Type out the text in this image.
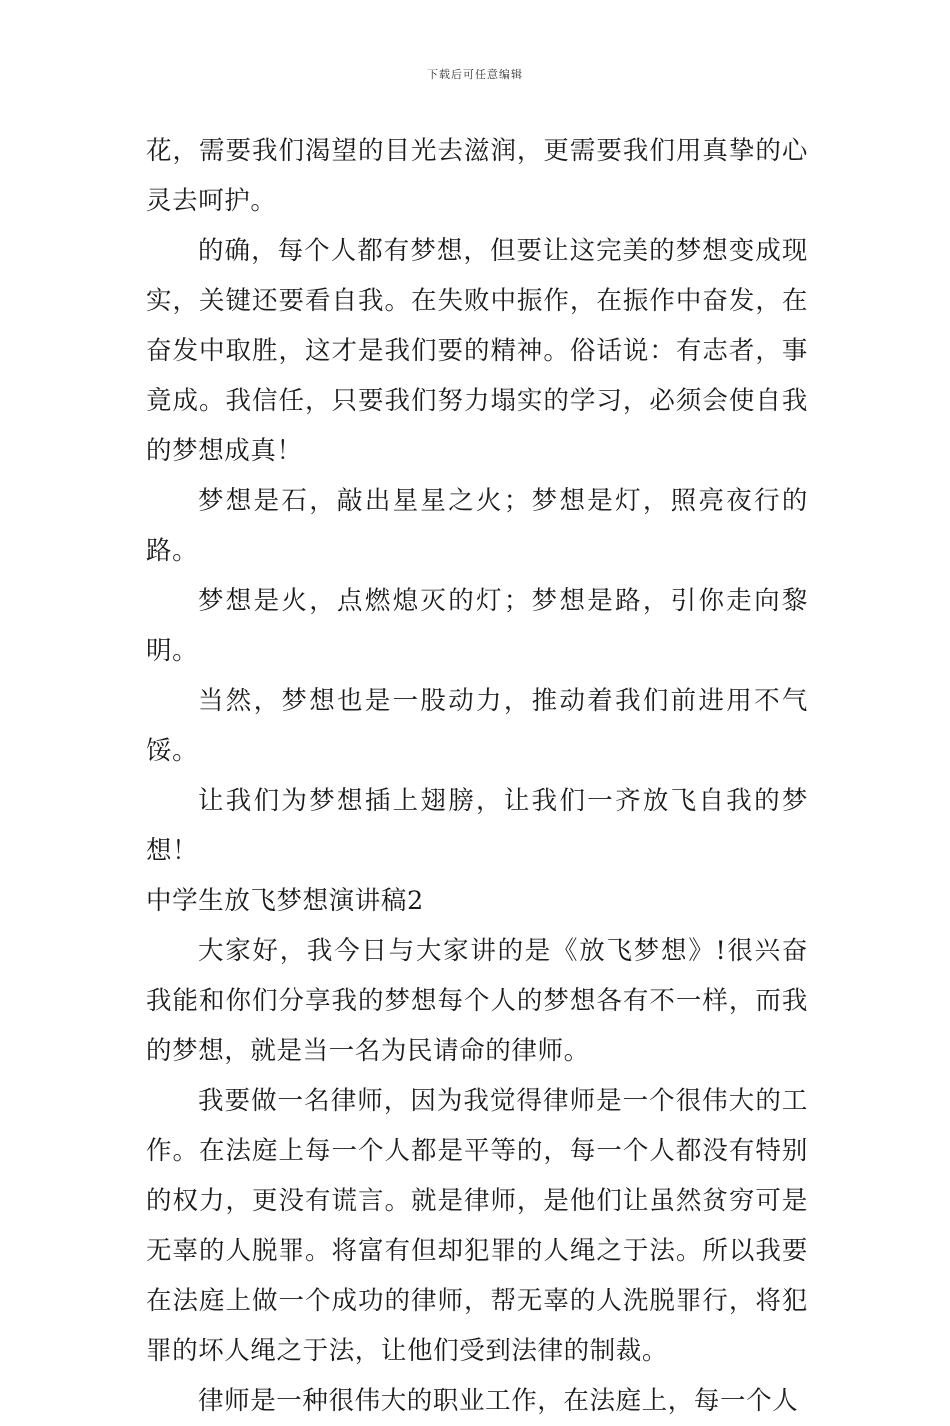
下载后可任意编辑

花，需要我们渴望的目光去滋润，更需要我们用真挚的心灵去呵护。

的确，每个人都有梦想，但要让这完美的梦想变成现实，关键还要看自我。在失败中振作，在振作中奋发，在奋发中取胜，这才是我们要的精神。俗话说：有志者，事竟成。我信任，只要我们努力塌实的学习，必须会使自我的梦想成真！

梦想是石，敲出星星之火；梦想是灯，照亮夜行的路。

梦想是火，点燃熄灭的灯；梦想是路，引你走向黎明。

当然，梦想也是一股动力，推动着我们前进用不气馁。

让我们为梦想插上翅膀，让我们一齐放飞自我的梦想！

中学生放飞梦想演讲稿2

大家好，我今日与大家讲的是《放飞梦想》!很兴奋我能和你们分享我的梦想每个人的梦想各有不一样，而我的梦想，就是当一名为民请命的律师。

我要做一名律师，因为我觉得律师是一个很伟大的工作。在法庭上每一个人都是平等的，每一个人都没有特别的权力，更没有谎言。就是律师，是他们让虽然贫穷可是无辜的人脱罪。将富有但却犯罪的人绳之于法。所以我要在法庭上做一个成功的律师，帮无辜的人洗脱罪行，将犯罪的坏人绳之于法，让他们受到法律的制裁。

律师是一种很伟大的职业工作，在法庭上，每一个人
